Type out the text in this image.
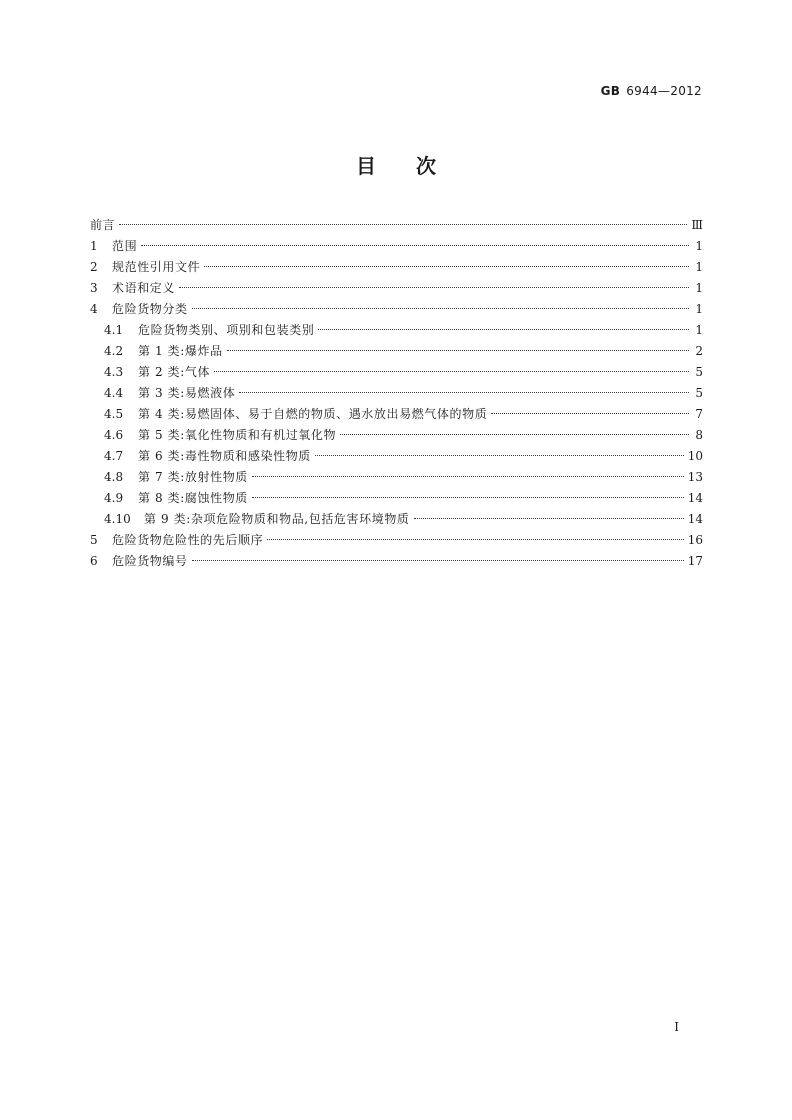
GB 6944—2012
目次
前言	Ⅲ
1	范围	1
2	规范性引用文件	1
3	术语和定义	1
4	危险货物分类	1
4.1	危险货物类别、项别和包装类别	1
4.2	第 1 类:爆炸品	2
4.3	第 2 类:气体	5
4.4	第 3 类:易燃液体	5
4.5	第 4 类:易燃固体、易于自燃的物质、遇水放出易燃气体的物质	7
4.6	第 5 类:氧化性物质和有机过氧化物	8
4.7	第 6 类:毒性物质和感染性物质	10
4.8	第 7 类:放射性物质	13
4.9	第 8 类:腐蚀性物质	14
4.10	第 9 类:杂项危险物质和物品,包括危害环境物质	14
5	危险货物危险性的先后顺序	16
6	危险货物编号	17
I
